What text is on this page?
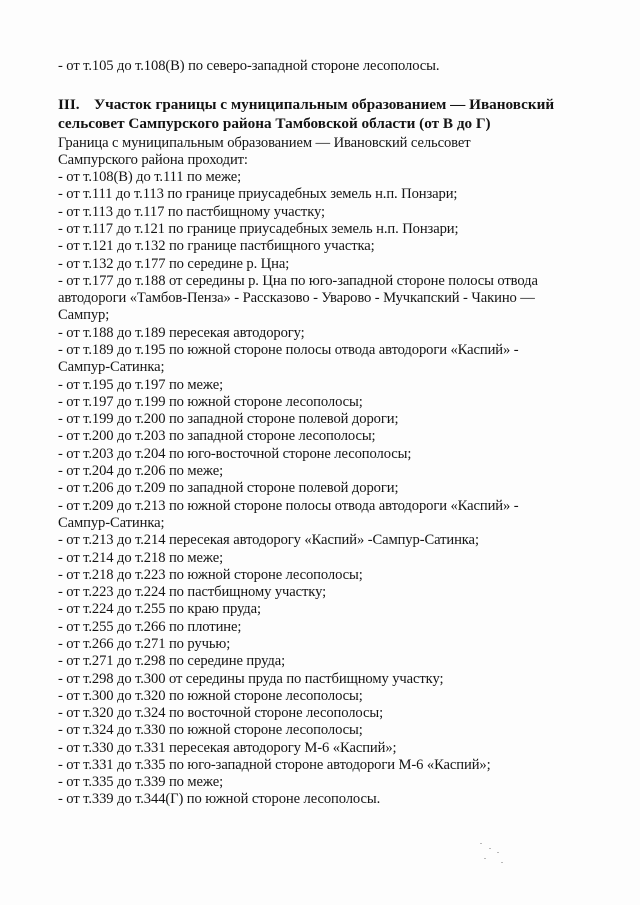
- от т.105 до т.108(В) по северо-западной стороне лесополосы.
III. Участок границы с муниципальным образованием — Ивановский
сельсовет Сампурского района Тамбовской области (от В до Г)
Граница с муниципальным образованием — Ивановский сельсовет
Сампурского района проходит:
- от т.108(В) до т.111 по меже;
- от т.111 до т.113 по границе приусадебных земель н.п. Понзари;
- от т.113 до т.117 по пастбищному участку;
- от т.117 до т.121 по границе приусадебных земель н.п. Понзари;
- от т.121 до т.132 по границе пастбищного участка;
- от т.132 до т.177 по середине р. Цна;
- от т.177 до т.188 от середины р. Цна по юго-западной стороне полосы отвода
автодороги «Тамбов-Пенза» - Рассказово - Уварово - Мучкапский - Чакино —
Сампур;
- от т.188 до т.189 пересекая автодорогу;
- от т.189 до т.195 по южной стороне полосы отвода автодороги «Каспий» -
Сампур-Сатинка;
- от т.195 до т.197 по меже;
- от т.197 до т.199 по южной стороне лесополосы;
- от т.199 до т.200 по западной стороне полевой дороги;
- от т.200 до т.203 по западной стороне лесополосы;
- от т.203 до т.204 по юго-восточной стороне лесополосы;
- от т.204 до т.206 по меже;
- от т.206 до т.209 по западной стороне полевой дороги;
- от т.209 до т.213 по южной стороне полосы отвода автодороги «Каспий» -
Сампур-Сатинка;
- от т.213 до т.214 пересекая автодорогу «Каспий» -Сампур-Сатинка;
- от т.214 до т.218 по меже;
- от т.218 до т.223 по южной стороне лесополосы;
- от т.223 до т.224 по пастбищному участку;
- от т.224 до т.255 по краю пруда;
- от т.255 до т.266 по плотине;
- от т.266 до т.271 по ручью;
- от т.271 до т.298 по середине пруда;
- от т.298 до т.300 от середины пруда по пастбищному участку;
- от т.300 до т.320 по южной стороне лесополосы;
- от т.320 до т.324 по восточной стороне лесополосы;
- от т.324 до т.330 по южной стороне лесополосы;
- от т.330 до т.331 пересекая автодорогу М-6 «Каспий»;
- от т.331 до т.335 по юго-западной стороне автодороги М-6 «Каспий»;
- от т.335 до т.339 по меже;
- от т.339 до т.344(Г) по южной стороне лесополосы.
